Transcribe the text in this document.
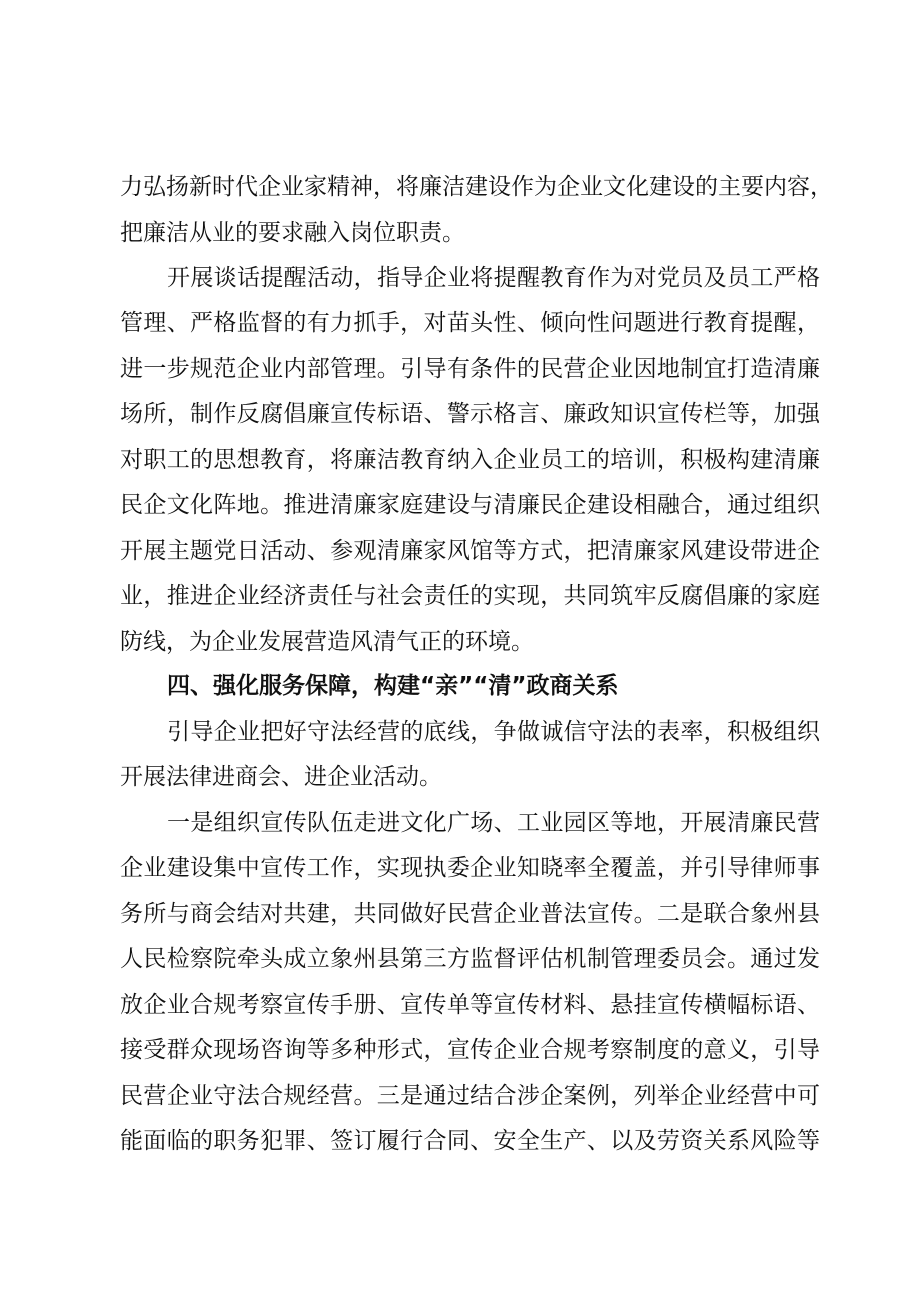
力弘扬新时代企业家精神，将廉洁建设作为企业文化建设的主要内容，
把廉洁从业的要求融入岗位职责。
开展谈话提醒活动，指导企业将提醒教育作为对党员及员工严格
管理、严格监督的有力抓手，对苗头性、倾向性问题进行教育提醒，
进一步规范企业内部管理。引导有条件的民营企业因地制宜打造清廉
场所，制作反腐倡廉宣传标语、警示格言、廉政知识宣传栏等，加强
对职工的思想教育，将廉洁教育纳入企业员工的培训，积极构建清廉
民企文化阵地。推进清廉家庭建设与清廉民企建设相融合，通过组织
开展主题党日活动、参观清廉家风馆等方式，把清廉家风建设带进企
业，推进企业经济责任与社会责任的实现，共同筑牢反腐倡廉的家庭
防线，为企业发展营造风清气正的环境。
四、强化服务保障，构建“亲”“清”政商关系
引导企业把好守法经营的底线，争做诚信守法的表率，积极组织
开展法律进商会、进企业活动。
一是组织宣传队伍走进文化广场、工业园区等地，开展清廉民营
企业建设集中宣传工作，实现执委企业知晓率全覆盖，并引导律师事
务所与商会结对共建，共同做好民营企业普法宣传。二是联合象州县
人民检察院牵头成立象州县第三方监督评估机制管理委员会。通过发
放企业合规考察宣传手册、宣传单等宣传材料、悬挂宣传横幅标语、
接受群众现场咨询等多种形式，宣传企业合规考察制度的意义，引导
民营企业守法合规经营。三是通过结合涉企案例，列举企业经营中可
能面临的职务犯罪、签订履行合同、安全生产、以及劳资关系风险等
